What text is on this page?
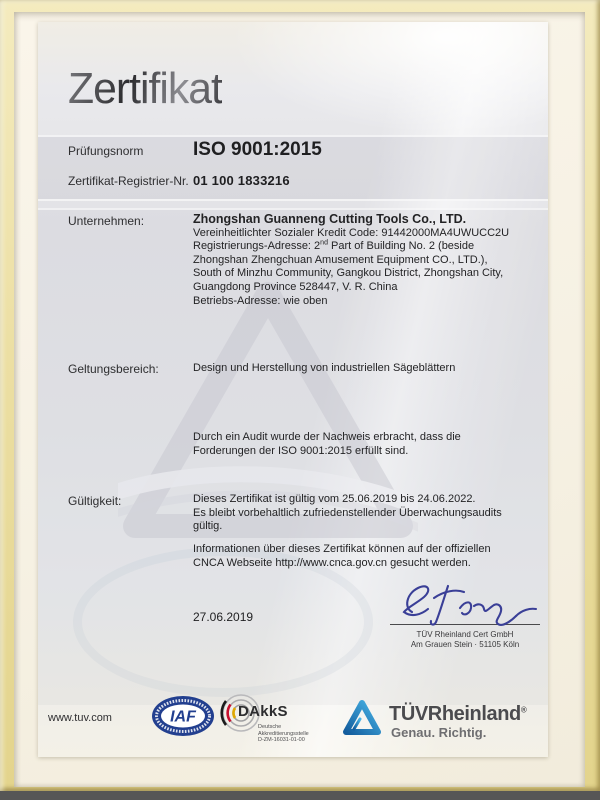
Zertifikat
Prüfungsnorm	ISO 9001:2015
Zertifikat-Registrier-Nr. 01 100 1833216
Unternehmen:	Zhongshan Guanneng Cutting Tools Co., LTD.
Vereinheitlichter Sozialer Kredit Code: 91442000MA4UWUCC2U
Registrierungs-Adresse: 2nd Part of Building No. 2 (beside
Zhongshan Zhengchuan Amusement Equipment CO., LTD.),
South of Minzhu Community, Gangkou District, Zhongshan City,
Guangdong Province 528447, V. R. China
Betriebs-Adresse: wie oben
Geltungsbereich:	Design und Herstellung von industriellen Sägeblättern
Durch ein Audit wurde der Nachweis erbracht, dass die
Forderungen der ISO 9001:2015 erfüllt sind.
Gültigkeit:	Dieses Zertifikat ist gültig vom 25.06.2019 bis 24.06.2022.
Es bleibt vorbehaltlich zufriedenstellender Überwachungsaudits
gültig.
Informationen über dieses Zertifikat können auf der offiziellen
CNCA Webseite http://www.cnca.gov.cn gesucht werden.
27.06.2019
TÜV Rheinland Cert GmbH
Am Grauen Stein · 51105 Köln
www.tuv.com	IAF	DAkkS
Deutsche
Akkreditierungsstelle
D-ZM-16031-01-00
TÜVRheinland®
Genau. Richtig.
